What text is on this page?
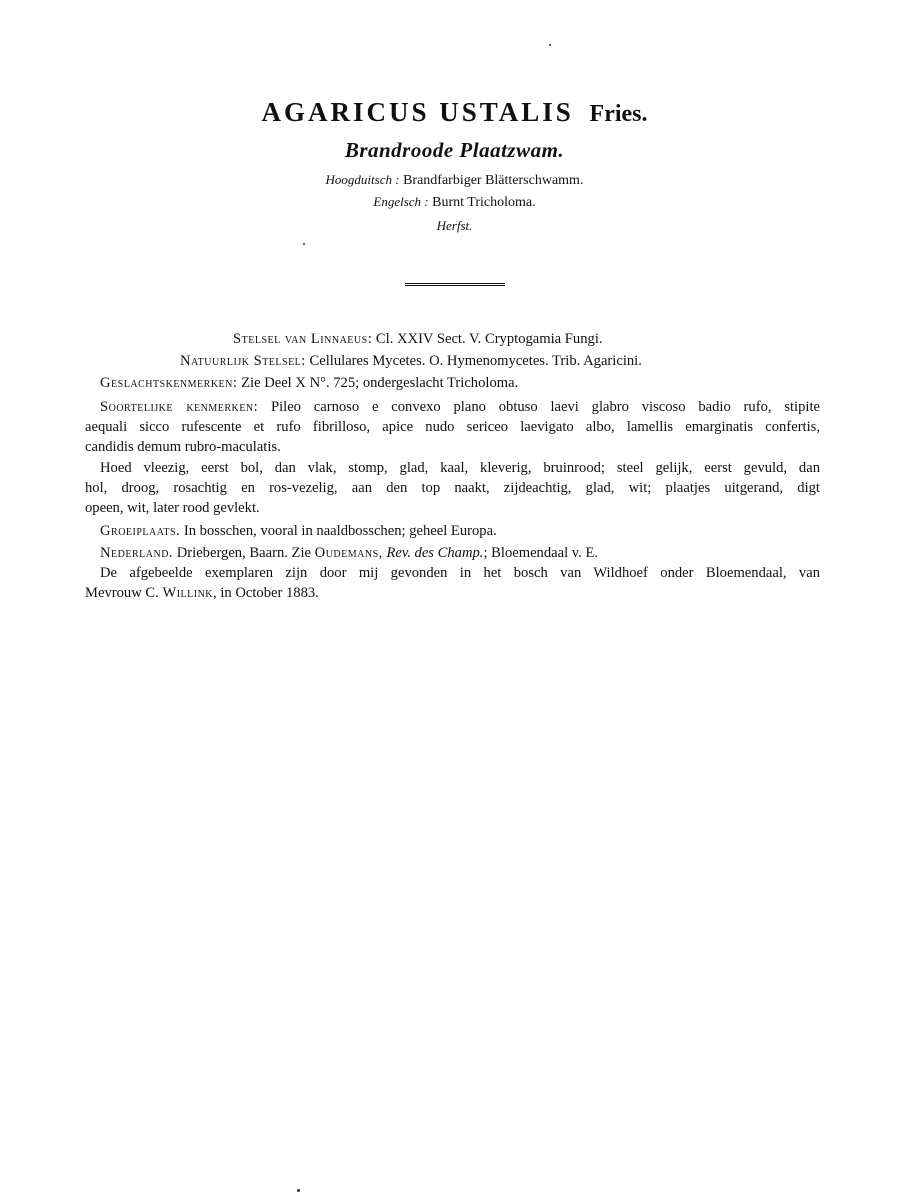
AGARICUS USTALIS Fries.
Brandroode Plaatzwam.
Hoogduitsch : Brandfarbiger Blätterschwamm.
Engelsch : Burnt Tricholoma.
Herfst.
Stelsel van Linnaeus: Cl. XXIV Sect. V. Cryptogamia Fungi.
Natuurlijk Stelsel: Cellulares Mycetes. O. Hymenomycetes. Trib. Agaricini.
Geslachtskenmerken: Zie Deel X N°. 725; ondergeslacht Tricholoma.
Soortelijke kenmerken: Pileo carnoso e convexo plano obtuso laevi glabro viscoso badio rufo, stipite
aequali sicco rufescente et rufo fibrilloso, apice nudo sericeo laevigato albo, lamellis emarginatis confertis,
candidis demum rubro-maculatis.
Hoed vleezig, eerst bol, dan vlak, stomp, glad, kaal, kleverig, bruinrood; steel gelijk, eerst gevuld, dan
hol, droog, rosachtig en ros-vezelig, aan den top naakt, zijdeachtig, glad, wit; plaatjes uitgerand, digt
opeen, wit, later rood gevlekt.
Groeiplaats. In bosschen, vooral in naaldbosschen; geheel Europa.
Nederland. Driebergen, Baarn. Zie Oudemans, Rev. des Champ.; Bloemendaal v. E.
De afgebeelde exemplaren zijn door mij gevonden in het bosch van Wildhoef onder Bloemendaal, van
Mevrouw C. Willink, in October 1883.
